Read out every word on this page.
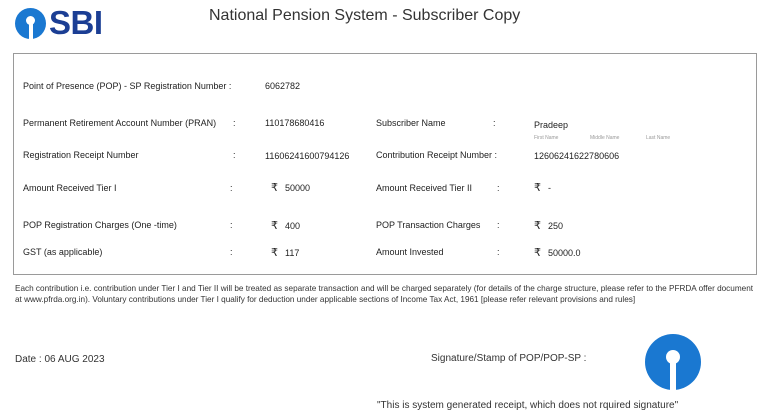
SBI	National Pension System - Subscriber Copy
Point of Presence (POP) - SP Registration Number :	6062782
Permanent Retirement Account Number (PRAN) :	110178680416	Subscriber Name	:	Pradeep
First Name	Middle Name	Last Name
Registration Receipt Number	:	11606241600794126	Contribution Receipt Number :	12606241622780606
Amount Received Tier I	:	₹ 50000	Amount Received Tier II	:	₹ -
POP Registration Charges (One -time)	:	₹ 400	POP Transaction Charges :	₹ 250
GST (as applicable)	:	₹ 117	Amount Invested	:	₹ 50000.0
Each contribution i.e. contribution under Tier I and Tier II will be treated as separate transaction and will be charged separately (for details of the charge structure, please refer to the PFRDA offer document at www.pfrda.org.in). Voluntary contributions under Tier I qualify for deduction under applicable sections of Income Tax Act, 1961 [please refer relevant provisions and rules]
Date : 06 AUG 2023	Signature/Stamp of POP/POP-SP :
"This is system generated receipt, which does not rquired signature"
